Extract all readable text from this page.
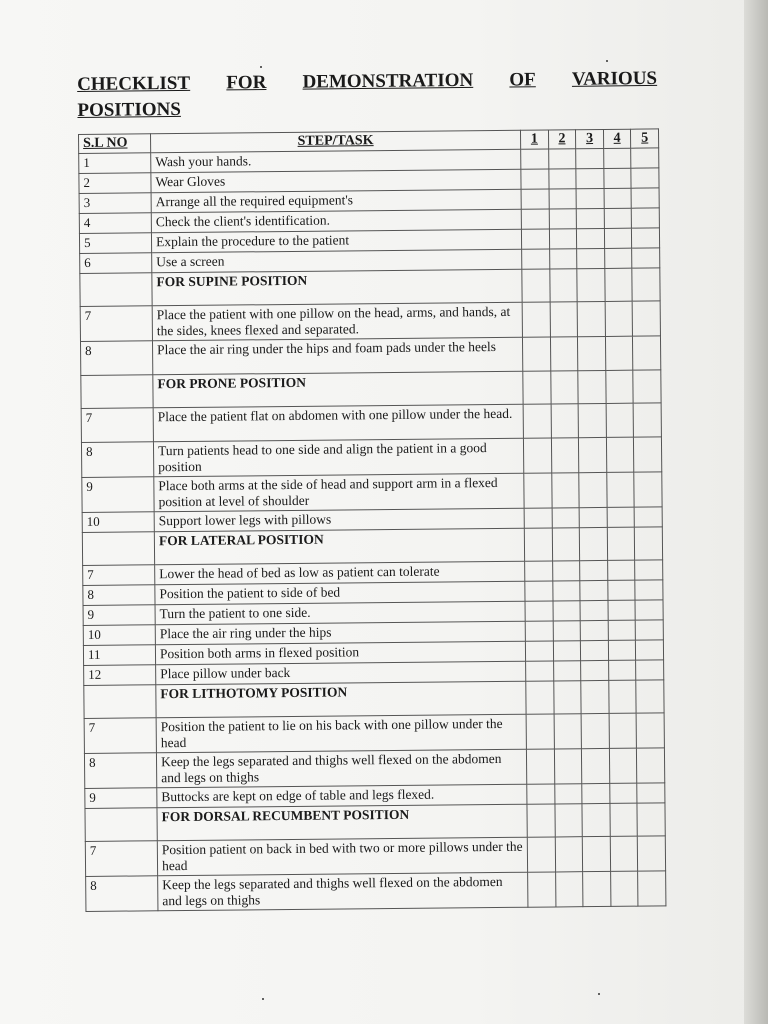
CHECKLIST FOR DEMONSTRATION OF VARIOUS
POSITIONS
S.L NO	STEP/TASK	1	2	3	4	5
1	Wash your hands.					
2	Wear Gloves					
3	Arrange all the required equipment's					
4	Check the client's identification.					
5	Explain the procedure to the patient					
6	Use a screen					
	FOR SUPINE POSITION					
7	Place the patient with one pillow on the head, arms, and hands, at the sides, knees flexed and separated.					
8	Place the air ring under the hips and foam pads under the heels					
	FOR PRONE POSITION					
7	Place the patient flat on abdomen with one pillow under the head.					
8	Turn patients head to one side and align the patient in a good position					
9	Place both arms at the side of head and support arm in a flexed position at level of shoulder					
10	Support lower legs with pillows					
	FOR LATERAL POSITION					
7	Lower the head of bed as low as patient can tolerate					
8	Position the patient to side of bed					
9	Turn the patient to one side.					
10	Place the air ring under the hips					
11	Position both arms in flexed position					
12	Place pillow under back					
	FOR LITHOTOMY POSITION					
7	Position the patient to lie on his back with one pillow under the head					
8	Keep the legs separated and thighs well flexed on the abdomen and legs on thighs					
9	Buttocks are kept on edge of table and legs flexed.					
	FOR DORSAL RECUMBENT POSITION					
7	Position patient on back in bed with two or more pillows under the head					
8	Keep the legs separated and thighs well flexed on the abdomen and legs on thighs					
